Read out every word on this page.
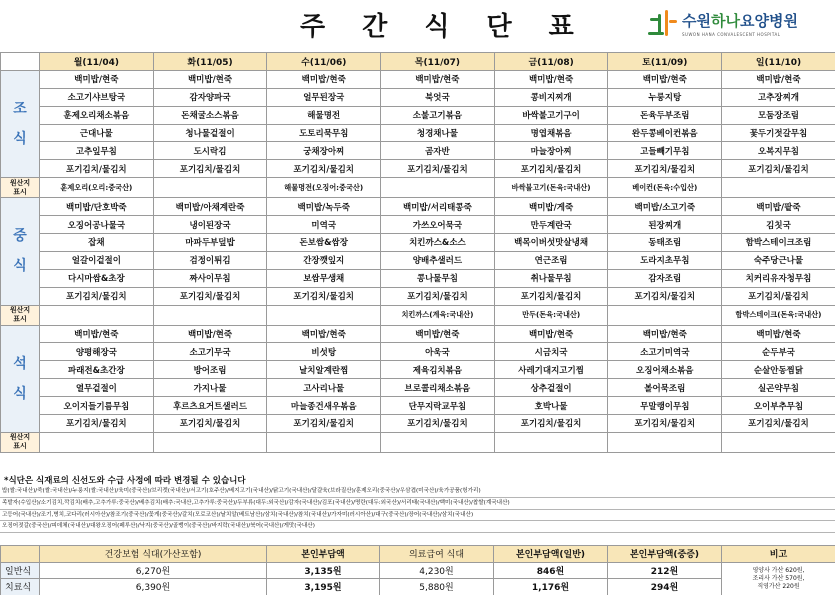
주 간 식 단 표	수원하나요양병원
SUWON HANA CONVALESCENT HOSPITAL
	월(11/04)	화(11/05)	수(11/06)	목(11/07)	금(11/08)	토(11/09)	일(11/10)

조
식	백미밥/현죽	백미밥/현죽	백미밥/현죽	백미밥/현죽	백미밥/현죽	백미밥/현죽	백미밥/현죽
	소고기샤브탕국	감자양파국	얼무된장국	북엇국	콩비지찌개	누룽지탕	고추장찌개
	훈제오리채소볶음	돈채굴소스볶음	해물명전	소불고기볶음	바싹불고기구이	돈육두부조림	모둠장조림
	근대나물	청나물겉절이	도토리묵무침	청경채나물	명엽채볶음	완두콩베이컨볶음	꽃두기젓갈무침
	고추잎무침	도시락김	궁채장아찌	곰자반	마늘장아찌	고들빼기무침	오복지무침
	포기김치/물김치	포기김치/물김치	포기김치/물김치	포기김치/물김치	포기김치/물김치	포기김치/물김치	포기김치/물김치

원산지
표시	훈제오리(오리:중국산)		해물명전(오징어:중국산)		바싹불고기(돈육:국내산)	베이컨(돈육:수입산)	

중
식	백미밥/단호박죽	백미밥/아채계란죽	백미밥/녹두죽	백미밥/서리태콩죽	백미밥/게죽	백미밥/소고기죽	백미밥/팥죽
	오징어공나물국	냉이된장국	미역국	가쓰오어묵국	만두계란국	된장찌개	김칫국
	잡채	마파두부덮밥	돈보쌈&쌈장	치킨까스&소스	백목이버섯맛살냉채	동태조림	함박스테이크조림
	얼갈이겉절이	검정이튀김	간장깻잎지	양배추샐러드	연근조림	도라지초무침	숙주당근나물
	다시마쌈&초장	짜사이무침	보쌈무생채	콩나물무침	취나물무침	감자조림	치커리유자청무침
	포기김치/물김치	포기김치/물김치	포기김치/물김치	포기김치/물김치	포기김치/물김치	포기김치/물김치	포기김치/물김치

원산지
표시				치킨까스(계육:국내산)	만두(돈육:국내산)		함박스테이크(돈육:국내산)

석
식	백미밥/현죽	백미밥/현죽	백미밥/현죽	백미밥/현죽	백미밥/현죽	백미밥/현죽	백미밥/현죽
	양평해장국	소고기무국	비섯탕	아욱국	시금치국	소고기미역국	순두부국
	파래전&초간장	방어조림	날치알계란찜	제육김치볶음	사레기대지고기찜	오징어채소볶음	순살안동찜닭
	열무겉절이	가지나물	고사리나물	브로콜리채소볶음	상추겉절이	볼어묵조림	실곤약무침
	오이지들기름무침	후르츠요거트샐러드	마늘종건새우볶음	단무지락교무침	호박나물	무말랭이무침	오이부추무침
	포기김치/물김치	포기김치/물김치	포기김치/물김치	포기김치/물김치	포기김치/물김치	포기김치/물김치	포기김치/물김치

원산지
표시							

*식단은 식재료의 신선도와 수급 사정에 따라 변경될 수 있습니다
밥(쌀:국내산)/죽(쌀:국내산)/누룽지(쌀:국내산)/육미(중국산)/브리켓(국내산)/서고기(호주산)/베지고기(국내산)/닭고기(국내산)/달걀육(브라질산)/훈제오리(중국산)/우삼겹(미국산)/육가공품(헝가리)
족발자(수입산)/소기김치,깍김치(배추,고추가루:중국산)/베추김치(배추:국내산,고추가루:중국산)/두부류(대두:외국산)/감자(국내산)/김포(국내산)/명란(대두:외국산)/서리태(국내산)/백미(국내산)/찹쌀(계국내산)
고등어(국내산)/조기,병치,코다리(러시아산)/참조기(중국산)/꽃게(중국산)/갈치(모로코산)/날치알(베트남산)/삼치(국내산)/참치(국내산)/가자미(러시아산)/대구(중국산)/장어(국내산)/삼치(국내산)
오징어젓갈(중국산)/피데체(국내산)/대왕오징어(페루산)/낙지(중국산)/골뱅이(중국산)/바지락(국내산)/북어(국내산)/게맛(국내산)
	건강보험 식대(가산포함)	본인부담액	의료급여 식대	본인부담액(일반)	본인부담액(중증)	비고
일반식	6,270원	3,135원	4,230원	846원	212원	영양사 가산 620원,
조리사 가산 570원,
직영가산 220원

치료식	6,390원	3,195원	5,880원	1,176원	294원	
